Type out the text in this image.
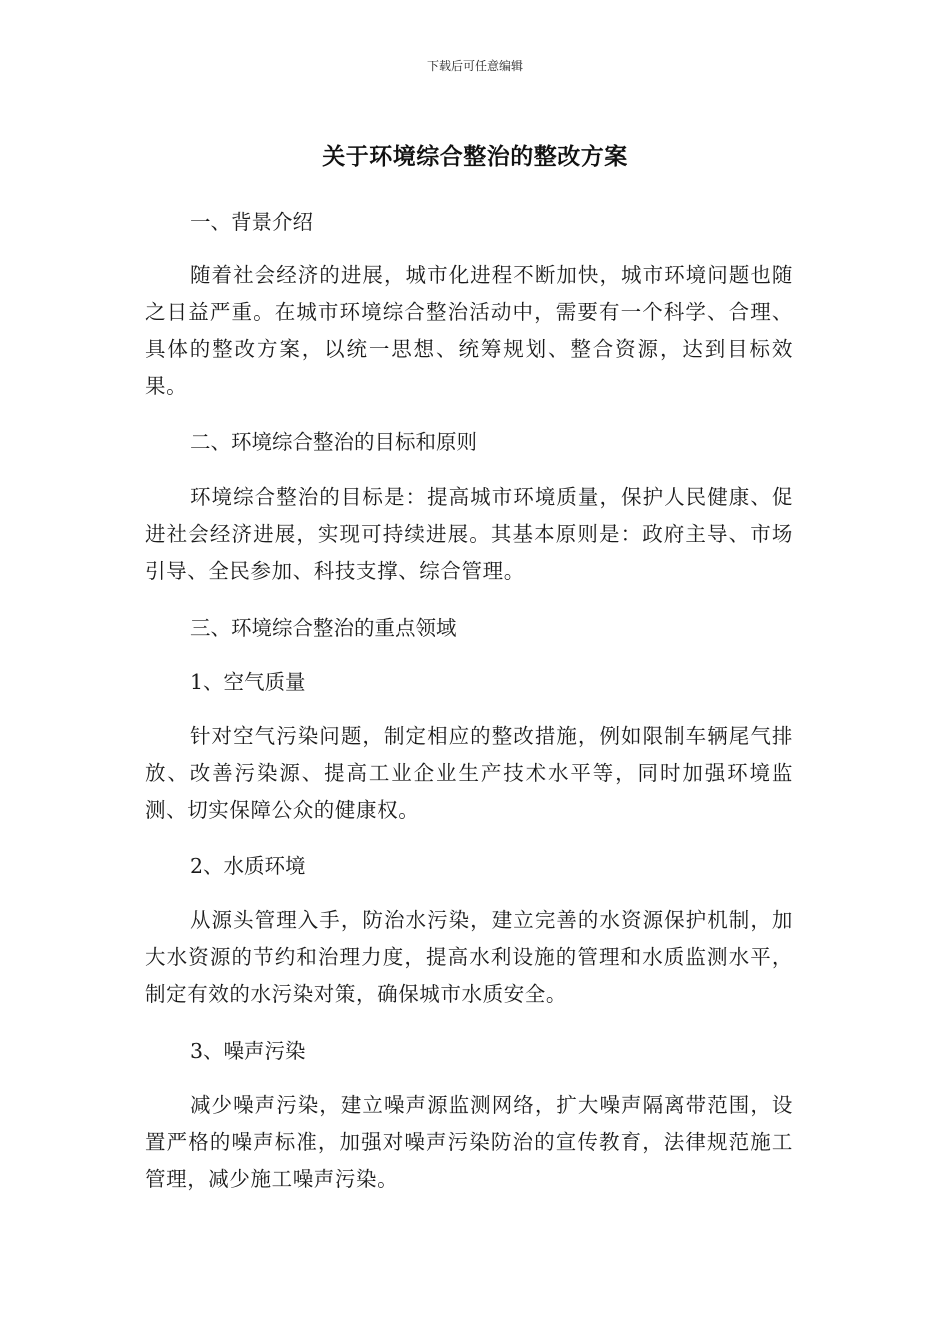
下载后可任意编辑
关于环境综合整治的整改方案

一、背景介绍

随着社会经济的进展，城市化进程不断加快，城市环境问题也随之日益严重。在城市环境综合整治活动中，需要有一个科学、合理、具体的整改方案，以统一思想、统筹规划、整合资源，达到目标效果。

二、环境综合整治的目标和原则

环境综合整治的目标是：提高城市环境质量，保护人民健康、促进社会经济进展，实现可持续进展。其基本原则是：政府主导、市场引导、全民参加、科技支撑、综合管理。

三、环境综合整治的重点领域

1、空气质量

针对空气污染问题，制定相应的整改措施，例如限制车辆尾气排放、改善污染源、提高工业企业生产技术水平等，同时加强环境监测、切实保障公众的健康权。

2、水质环境

从源头管理入手，防治水污染，建立完善的水资源保护机制，加大水资源的节约和治理力度，提高水利设施的管理和水质监测水平，制定有效的水污染对策，确保城市水质安全。

3、噪声污染

减少噪声污染，建立噪声源监测网络，扩大噪声隔离带范围，设置严格的噪声标准，加强对噪声污染防治的宣传教育，法律规范施工管理，减少施工噪声污染。
